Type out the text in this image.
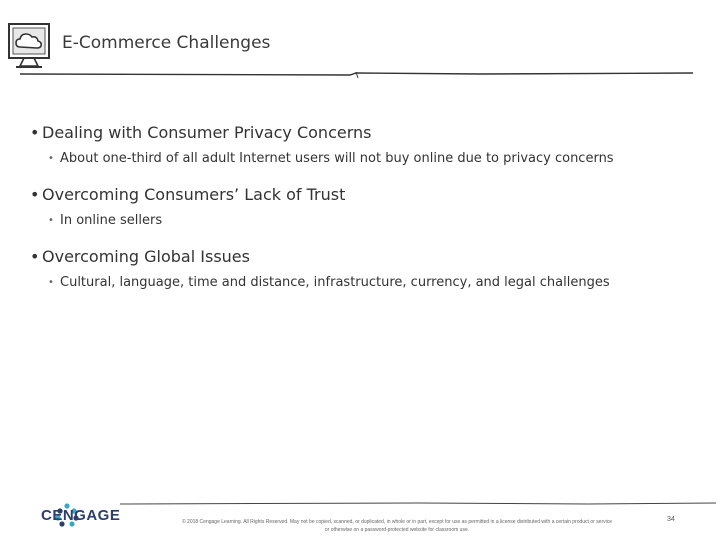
E-Commerce Challenges
• Dealing with Consumer Privacy Concerns
• About one-third of all adult Internet users will not buy online due to privacy concerns
• Overcoming Consumers’ Lack of Trust
• In online sellers
• Overcoming Global Issues
• Cultural, language, time and distance, infrastructure, currency, and legal challenges
CENGAGE	© 2018 Cengage Learning. All Rights Reserved. May not be copied, scanned, or duplicated, in whole or in part, except for use as permitted in a license distributed with a certain product or service
or otherwise on a password-protected website for classroom use.
34
